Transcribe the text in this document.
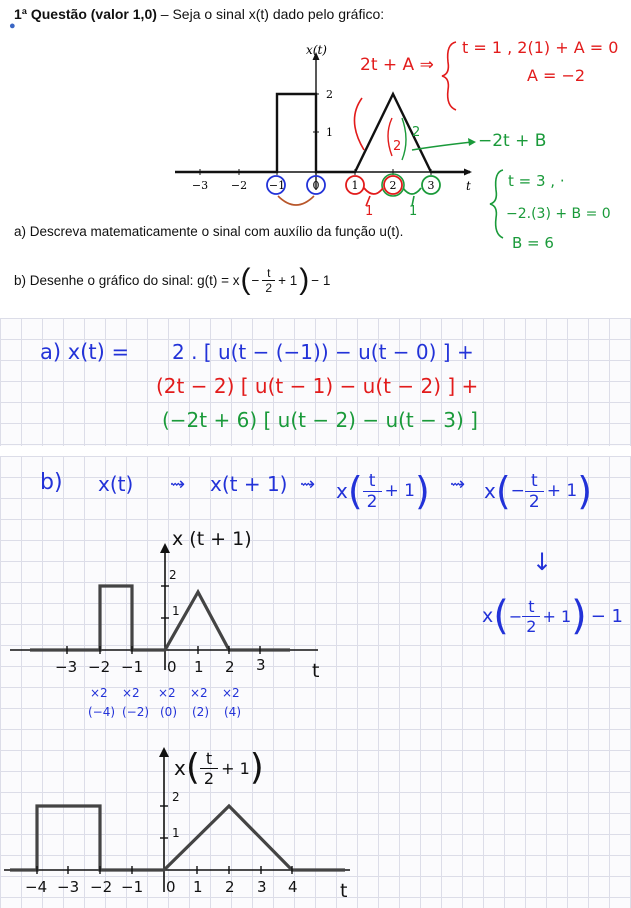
1ª Questão (valor 1,0) – Seja o sinal x(t) dado pelo gráfico:
●
2
1
x(t)
t
−3 −2 −1 0	1	2	3
1	1
2
2
2t + A ⇒
t = 1 , 2(1) + A = 0
A = −2
−2t + B
t = 3 , ·
−2.(3) + B = 0
B = 6
a) Descreva matematicamente o sinal com auxílio da função u(t).
b) Desenhe o gráfico do sinal: g(t) = x ( − $\frac{t}{2} + 1$ ) − 1
a) x(t) = 2 . [ u(t − (−1)) − u(t − 0) ] +
(2t − 2) [ u(t − 1) − u(t − 2) ] +
(−2t + 6) [ u(t − 2) − u(t − 3) ]
b) x(t) ⇝ x(t + 1) ⇝ x ( t
2
+ 1 ) ⇝ x ( − $\frac{t}{2} + 1$ )
↓
x ( − $\frac{t}{2} + 1$ ) − 1
x (t + 1)
2
1
−3 −2 −1 0 1 2 3 t
×2 ×2 ×2 ×2 ×2
(−4) (−2) (0) (2) (4)
x ( t
2
+ 1 )
2
1
−4 −3 −2 −1 0 1 2 3 4 t
